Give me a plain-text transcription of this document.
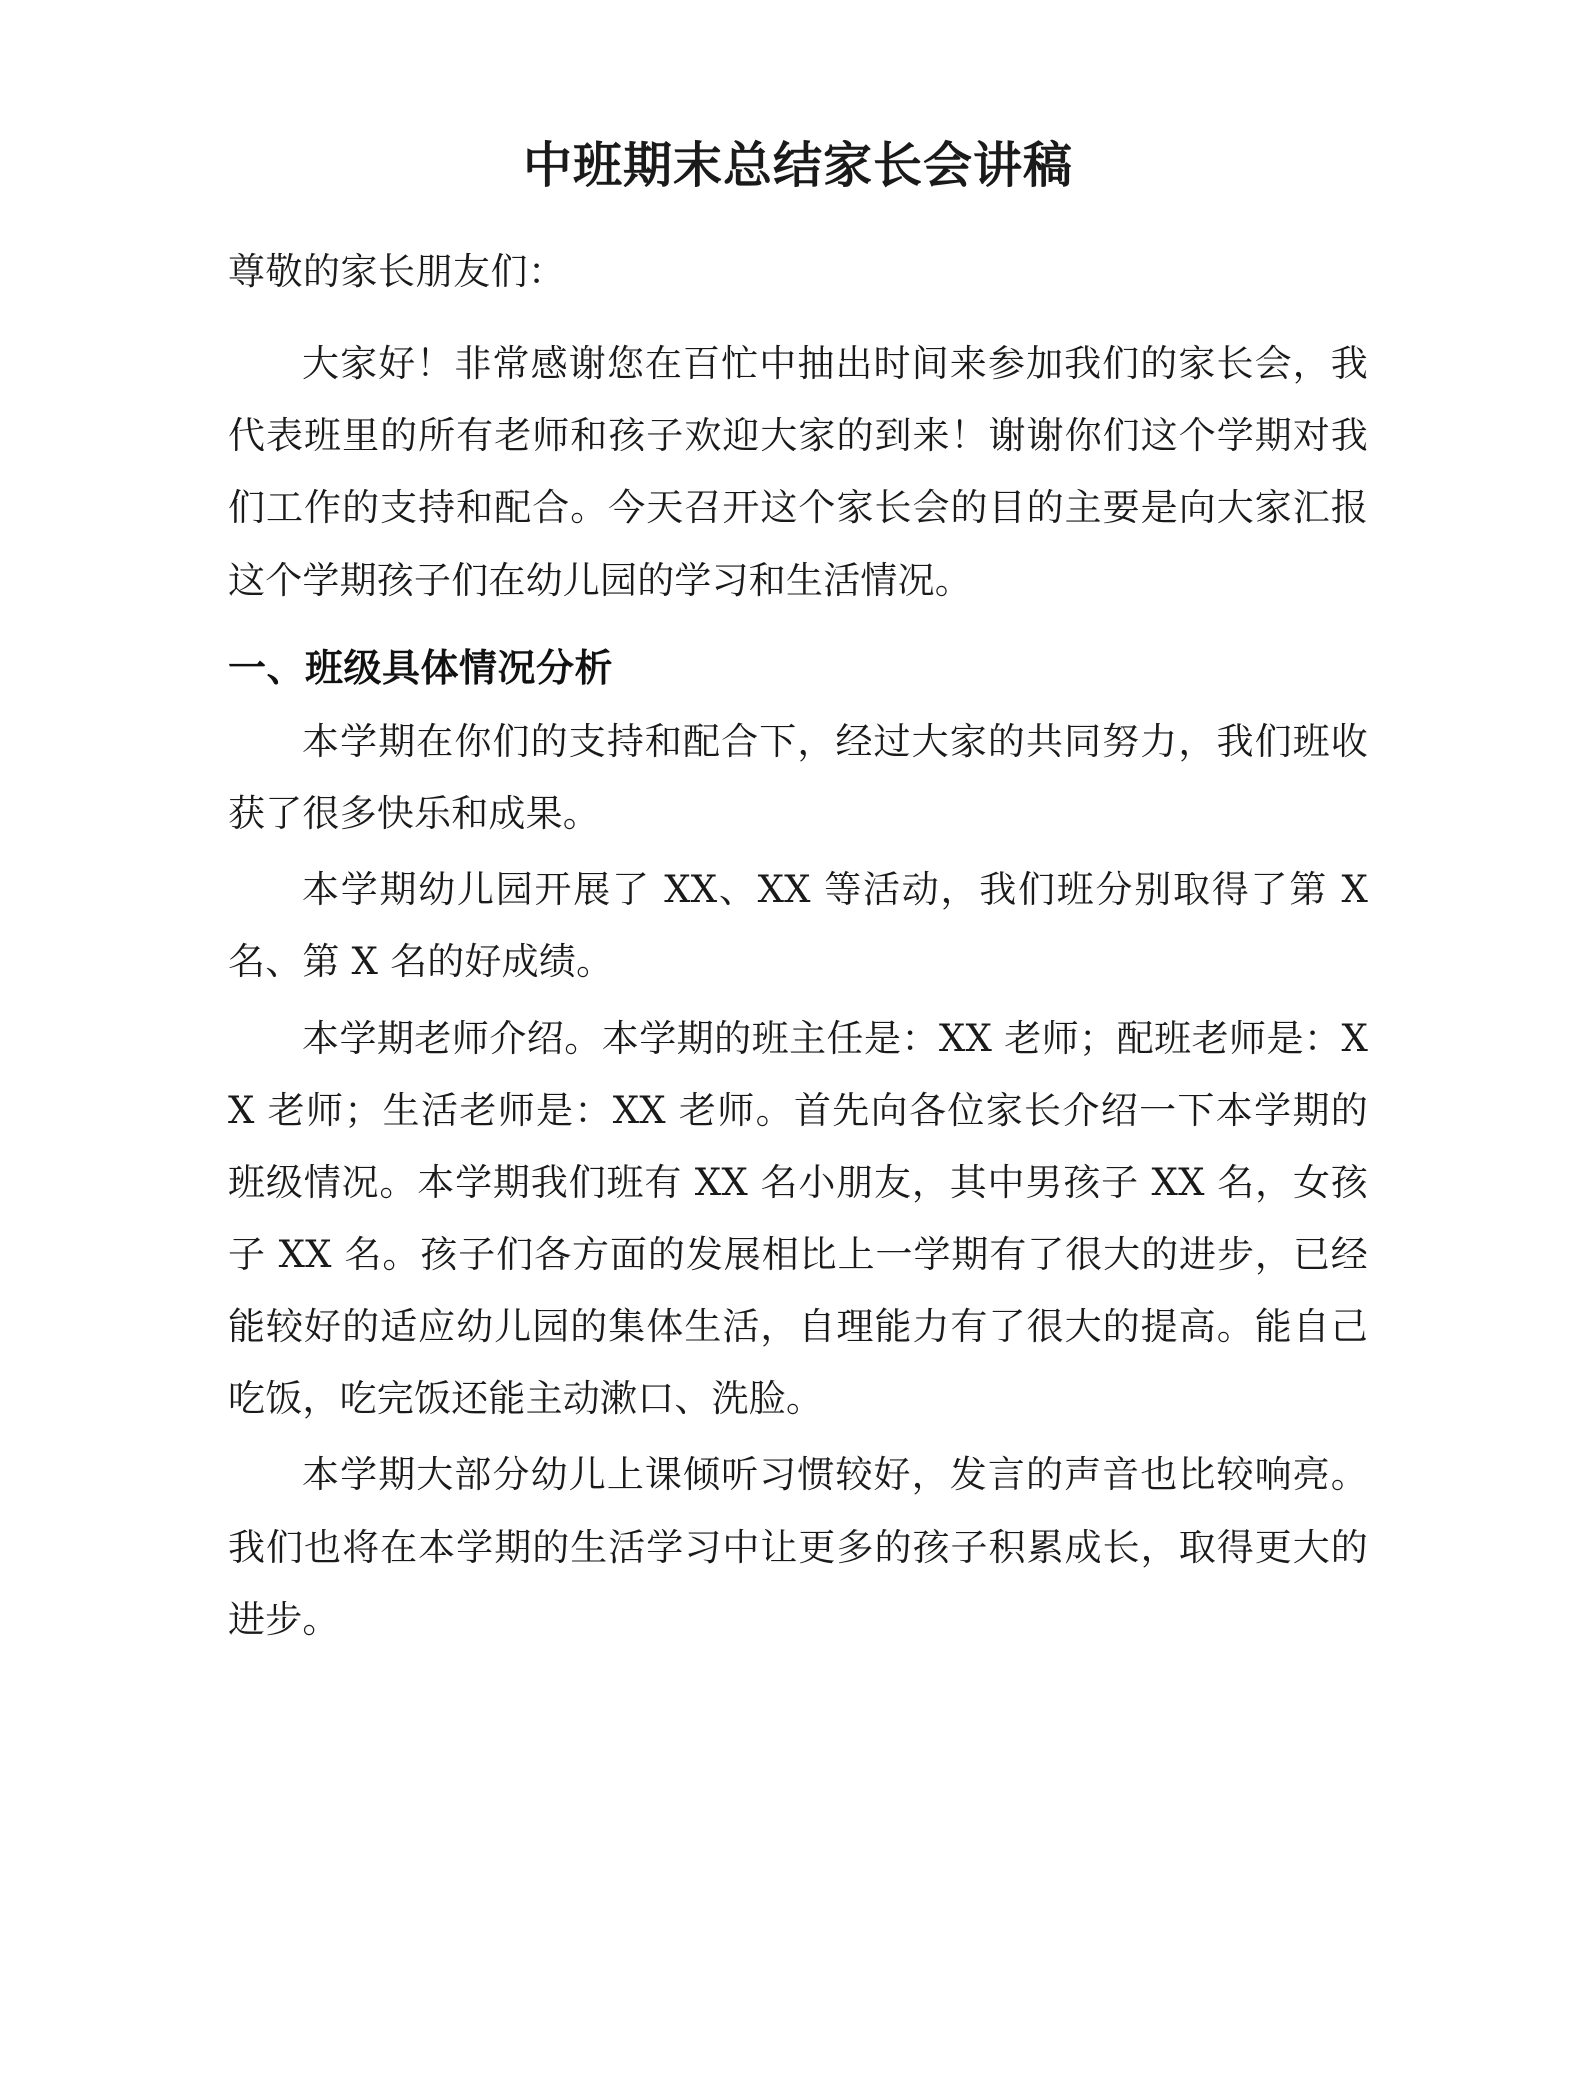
中班期末总结家长会讲稿

尊敬的家长朋友们：

大家好！非常感谢您在百忙中抽出时间来参加我们的家长会，我代表班里的所有老师和孩子欢迎大家的到来！谢谢你们这个学期对我们工作的支持和配合。今天召开这个家长会的目的主要是向大家汇报这个学期孩子们在幼儿园的学习和生活情况。

一、班级具体情况分析

本学期在你们的支持和配合下，经过大家的共同努力，我们班收获了很多快乐和成果。

本学期幼儿园开展了 XX、XX 等活动，我们班分别取得了第 X 名、第 X 名的好成绩。

本学期老师介绍。本学期的班主任是：XX 老师；配班老师是：XX 老师；生活老师是：XX 老师。首先向各位家长介绍一下本学期的班级情况。本学期我们班有 XX 名小朋友，其中男孩子 XX 名，女孩子 XX 名。孩子们各方面的发展相比上一学期有了很大的进步，已经能较好的适应幼儿园的集体生活，自理能力有了很大的提高。能自己吃饭，吃完饭还能主动漱口、洗脸。

本学期大部分幼儿上课倾听习惯较好，发言的声音也比较响亮。我们也将在本学期的生活学习中让更多的孩子积累成长，取得更大的进步。
